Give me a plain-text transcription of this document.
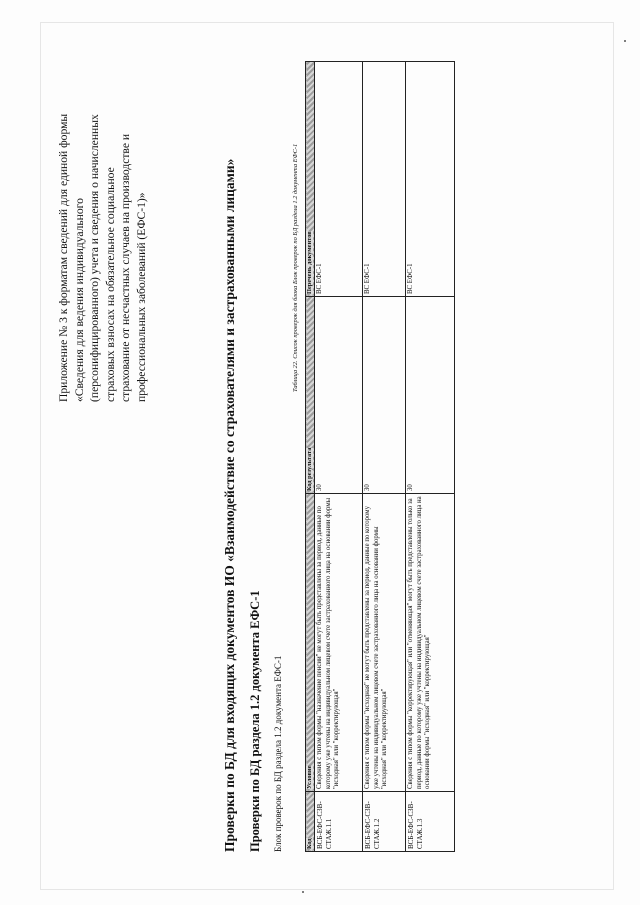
Приложение № 3 к форматам сведений для единой формы «Сведения для ведения индивидуального (персонифицированного) учета и сведения о начисленных страховых взносах на обязательное социальное страхование от несчастных случаев на производстве и профессиональных заболеваний (ЕФС-1)»	Проверки по БД для входящих документов ИО «Взаимодействие со страхователями и застрахованными лицами» Проверки по БД раздела 1.2 документа ЕФС-1 Блок проверок по БД раздела 1.2 документа ЕФС-1
Таблица 22. Список проверок для блока Блок проверок по БД раздела 1.2 документа ЕФС-1
Код	Условие	Код результата	Перечень документов
ВСБ-ЕФС-СЗВ-СТАЖ.1.1	Сведения с типом формы "назначение пенсии" не могут быть представлены за период, данные по которому уже учтены на индивидуальном лицевом счете застрахованного лица на основании формы "исходная" или "корректирующая"	30	ВС ЕФС-1
ВСБ-ЕФС-СЗВ-СТАЖ.1.2	Сведения с типом формы "исходная" не могут быть представлены за период, данные по которому уже учтены на индивидуальном лицевом счете застрахованного лица на основании формы "исходная" или "корректирующая"	30	ВС ЕФС-1
ВСБ-ЕФС-СЗВ-СТАЖ.1.3	Сведения с типом формы "корректирующая" или "отменяющая" могут быть представлены только за период, данные по которому уже учтены на индивидуальном лицевом счете застрахованного лица на основании формы "исходная" или "корректирующая"	30	ВС ЕФС-1
